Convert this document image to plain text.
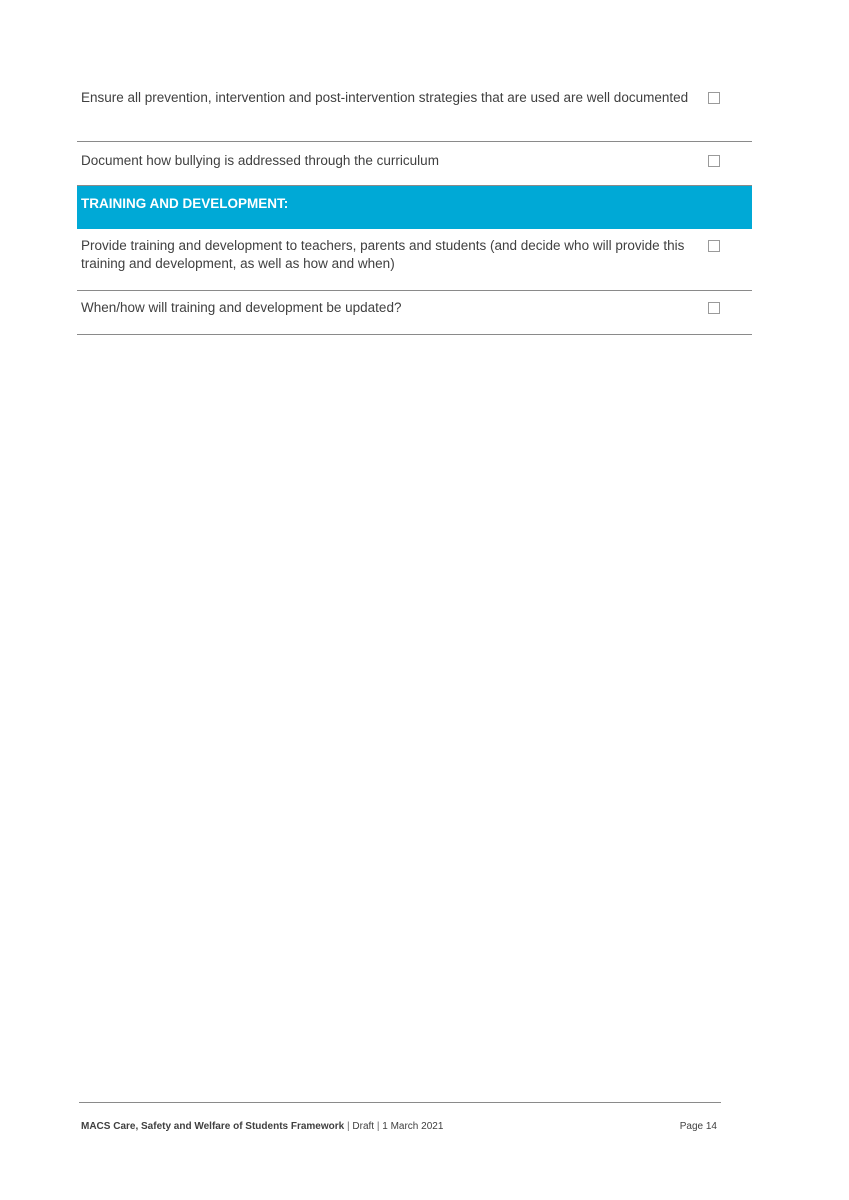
Ensure all prevention, intervention and post-intervention strategies that are used are well documented
Document how bullying is addressed through the curriculum
TRAINING AND DEVELOPMENT:
Provide training and development to teachers, parents and students (and decide who will provide this training and development, as well as how and when)
When/how will training and development be updated?
MACS Care, Safety and Welfare of Students Framework | Draft | 1 March 2021	Page 14
